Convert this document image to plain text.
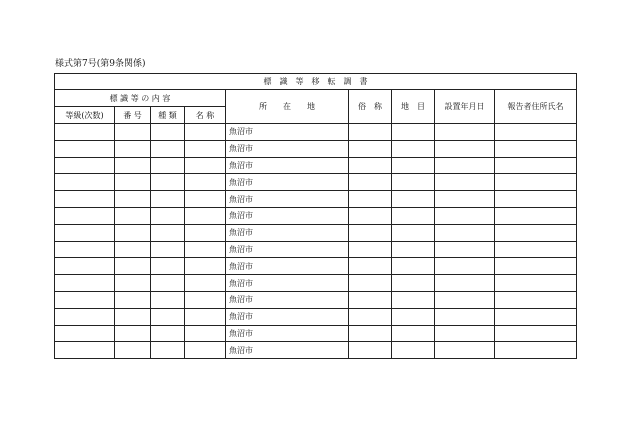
様式第7号(第9条関係)
標　識　等　移　転　調　書								
標 識 等 の 内 容				所　　在　　地	俗　称	地　目	設置年月日	報告者住所氏名
等級(次数)	番 号	種 類	名 称					
				魚沼市				
				魚沼市				
				魚沼市				
				魚沼市				
				魚沼市				
				魚沼市				
				魚沼市				
				魚沼市				
				魚沼市				
				魚沼市				
				魚沼市				
				魚沼市				
				魚沼市				
				魚沼市				
